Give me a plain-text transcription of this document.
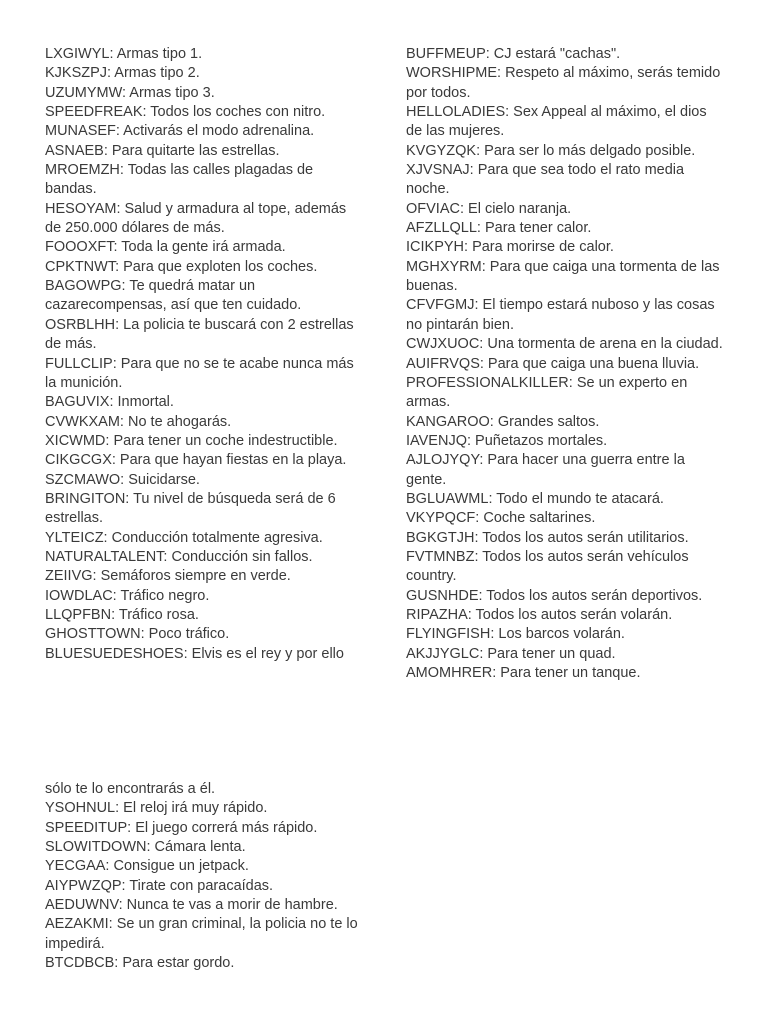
LXGIWYL: Armas tipo 1.

KJKSZPJ: Armas tipo 2.

UZUMYMW: Armas tipo 3.

SPEEDFREAK: Todos los coches con nitro.

MUNASEF: Activarás el modo adrenalina.

ASNAEB: Para quitarte las estrellas.

MROEMZH: Todas las calles plagadas de bandas.

HESOYAM: Salud y armadura al tope, además de 250.000 dólares de más.

FOOOXFT: Toda la gente irá armada.

CPKTNWT: Para que exploten los coches.

BAGOWPG: Te quedrá matar un cazarecompensas, así que ten cuidado.

OSRBLHH: La policia te buscará con 2 estrellas de más.

FULLCLIP: Para que no se te acabe nunca más la munición.

BAGUVIX: Inmortal.

CVWKXAM: No te ahogarás.

XICWMD: Para tener un coche indestructible.

CIKGCGX: Para que hayan fiestas en la playa.

SZCMAWO: Suicidarse.

BRINGITON: Tu nivel de búsqueda será de 6 estrellas.

YLTEICZ: Conducción totalmente agresiva.

NATURALTALENT: Conducción sin fallos.

ZEIIVG: Semáforos siempre en verde.

IOWDLAC: Tráfico negro.

LLQPFBN: Tráfico rosa.

GHOSTTOWN: Poco tráfico.

BLUESUEDESHOES: Elvis es el rey y por ello

BUFFMEUP: CJ estará "cachas".

WORSHIPME: Respeto al máximo, serás temido por todos.

HELLOLADIES: Sex Appeal al máximo, el dios de las mujeres.

KVGYZQK: Para ser lo más delgado posible.

XJVSNAJ: Para que sea todo el rato media noche.

OFVIAC: El cielo naranja.

AFZLLQLL: Para tener calor.

ICIKPYH: Para morirse de calor.

MGHXYRM: Para que caiga una tormenta de las buenas.

CFVFGMJ: El tiempo estará nuboso y las cosas no pintarán bien.

CWJXUOC: Una tormenta de arena en la ciudad.

AUIFRVQS: Para que caiga una buena lluvia.

PROFESSIONALKILLER: Se un experto en armas.

KANGAROO: Grandes saltos.

IAVENJQ: Puñetazos mortales.

AJLOJYQY: Para hacer una guerra entre la gente.

BGLUAWML: Todo el mundo te atacará.

VKYPQCF: Coche saltarines.

BGKGTJH: Todos los autos serán utilitarios.

FVTMNBZ: Todos los autos serán vehículos country.

GUSNHDE: Todos los autos serán deportivos.

RIPAZHA: Todos los autos serán volarán.

FLYINGFISH: Los barcos volarán.

AKJJYGLC: Para tener un quad.

AMOMHRER: Para tener un tanque.

sólo te lo encontrarás a él.

YSOHNUL: El reloj irá muy rápido.

SPEEDITUP: El juego correrá más rápido.

SLOWITDOWN: Cámara lenta.

YECGAA: Consigue un jetpack.

AIYPWZQP: Tirate con paracaídas.

AEDUWNV: Nunca te vas a morir de hambre.

AEZAKMI: Se un gran criminal, la policia no te lo impedirá.

BTCDBCB: Para estar gordo.
